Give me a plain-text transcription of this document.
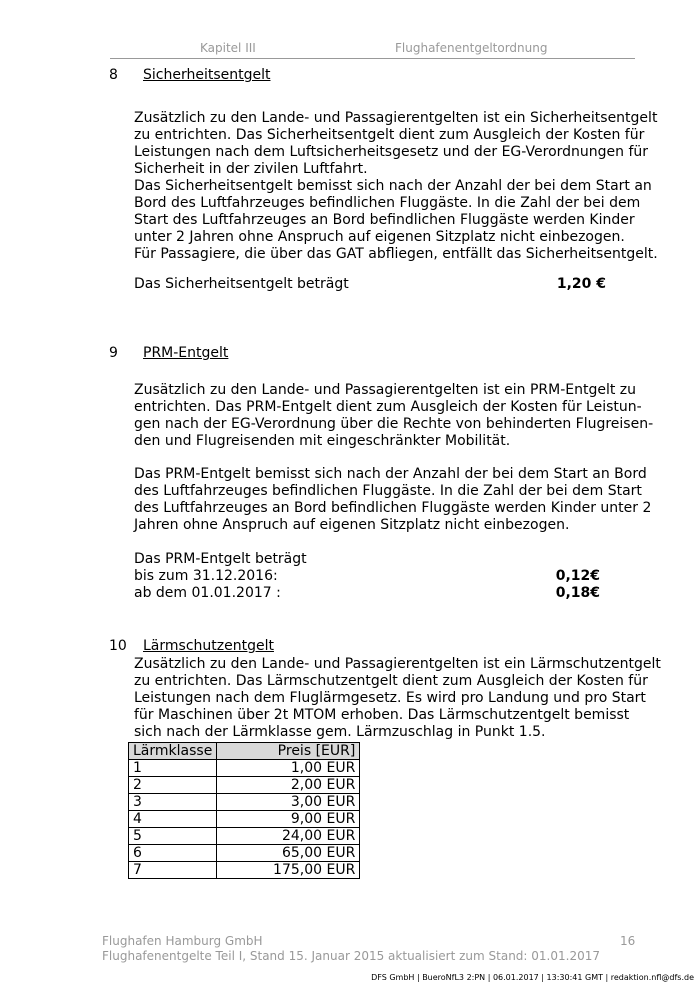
Kapitel III	Flughafenentgeltordnung
8 Sicherheitsentgelt
Zusätzlich zu den Lande- und Passagierentgelten ist ein Sicherheitsentgelt
zu entrichten. Das Sicherheitsentgelt dient zum Ausgleich der Kosten für
Leistungen nach dem Luftsicherheitsgesetz und der EG-Verordnungen für
Sicherheit in der zivilen Luftfahrt.
Das Sicherheitsentgelt bemisst sich nach der Anzahl der bei dem Start an
Bord des Luftfahrzeuges befindlichen Fluggäste. In die Zahl der bei dem
Start des Luftfahrzeuges an Bord befindlichen Fluggäste werden Kinder
unter 2 Jahren ohne Anspruch auf eigenen Sitzplatz nicht einbezogen.
Für Passagiere, die über das GAT abfliegen, entfällt das Sicherheitsentgelt.
Das Sicherheitsentgelt beträgt	1,20 €
9 PRM-Entgelt
Zusätzlich zu den Lande- und Passagierentgelten ist ein PRM-Entgelt zu
entrichten. Das PRM-Entgelt dient zum Ausgleich der Kosten für Leistun-
gen nach der EG-Verordnung über die Rechte von behinderten Flugreisen-
den und Flugreisenden mit eingeschränkter Mobilität.
Das PRM-Entgelt bemisst sich nach der Anzahl der bei dem Start an Bord
des Luftfahrzeuges befindlichen Fluggäste. In die Zahl der bei dem Start
des Luftfahrzeuges an Bord befindlichen Fluggäste werden Kinder unter 2
Jahren ohne Anspruch auf eigenen Sitzplatz nicht einbezogen.
Das PRM-Entgelt beträgt
bis zum 31.12.2016:	0,12€
ab dem 01.01.2017 :	0,18€
10 Lärmschutzentgelt
Zusätzlich zu den Lande- und Passagierentgelten ist ein Lärmschutzentgelt
zu entrichten. Das Lärmschutzentgelt dient zum Ausgleich der Kosten für
Leistungen nach dem Fluglärmgesetz. Es wird pro Landung und pro Start
für Maschinen über 2t MTOM erhoben. Das Lärmschutzentgelt bemisst
sich nach der Lärmklasse gem. Lärmzuschlag in Punkt 1.5.
Lärmklasse	Preis [EUR]
1	1,00 EUR
2	2,00 EUR
3	3,00 EUR
4	9,00 EUR
5	24,00 EUR
6	65,00 EUR
7	175,00 EUR
Flughafen Hamburg GmbH
Flughafenentgelte Teil I, Stand 15. Januar 2015 aktualisiert zum Stand: 01.01.2017
16
DFS GmbH | BueroNfL3 2:PN | 06.01.2017 | 13:30:41 GMT | redaktion.nfl@dfs.de
